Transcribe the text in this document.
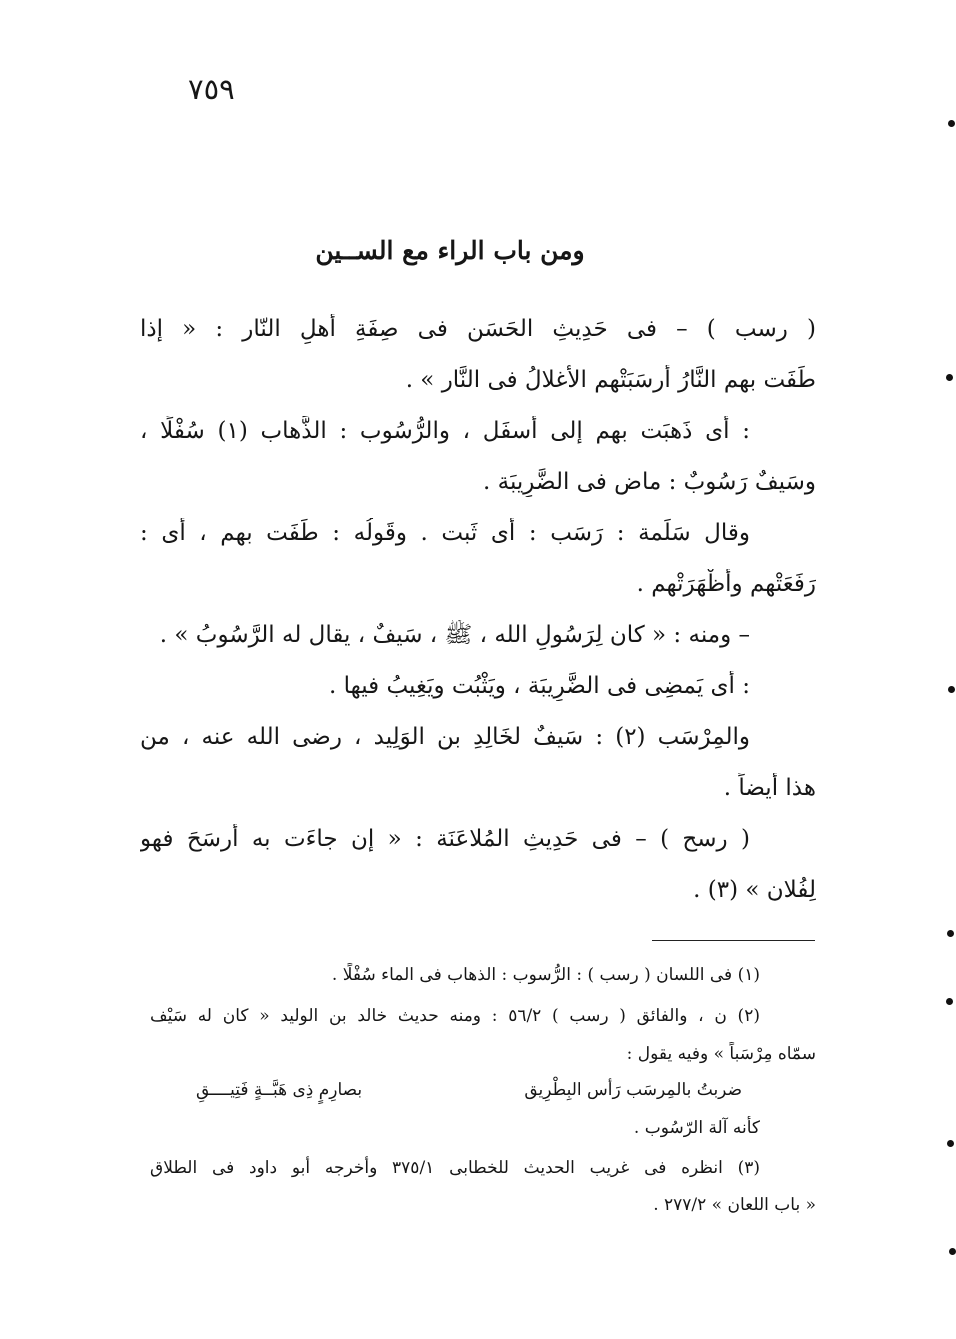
٧٥٩
ومن باب الراء مع الســين
( رسب ) – فى حَدِيثِ الحَسَن فى صِفَةِ أَهلِ النّار : « إذا
طَفَت بهم النَّارُ أَرسَبَتْهم الأَغلالُ فى النَّار » .
: أى ذَهبَت بهم إلى أَسفَل ، والرُّسُوب : الذَّهاب (١) سُفْلًا ،
وسَيفٌ رَسُوبٌ : ماضٍ فى الضَّرِيبَة .
وقال سَلَمة : رَسَب : أى ثَبت . وقَولُه : طَفَت بهم ، أى :
رَفَعَتْهم وأَظْهَرَتْهم .
– ومنه : « كان لِرَسُولِ الله ، ﷺ ، سَيفٌ ، يقال له الرَّسُوبُ » .
: أى يَمضِى فى الضَّرِيبَة ، ويَثْبُت ويَغِيبُ فيها .
والمِرْسَب (٢) : سَيفٌ لخَالِدِ بن الوَلِيد ، رضى الله عنه ، من
هذا أَيضاً .
( رسح ) – فى حَدِيثِ المُلاعَنَة : « إن جاءَت به أَرسَحَ فهو
لِفُلان » (٣) .
(١) فى اللسان ( رسب ) : الرُّسوب : الذهاب فى الماء سُفْلًا .
(٢) ن ، والفائق ( رسب ) ٥٦/٢ : ومنه حديث خالد بن الوليد « كان له سَيْف
سمّاه مِرْسَباً » وفيه يقول :
ضربتُ بالمِرسَب رَأس البِطْرِيق
بصارِمٍ ذِى هَبَّــةٍ فَتِيــــقِ
كأنه آلة الرّسُوب .
(٣) انظره فى غريب الحديث للخطابى ٣٧٥/١ وأخرجه أبو داود فى الطلاق
« باب اللعان » ٢٧٧/٢ .
